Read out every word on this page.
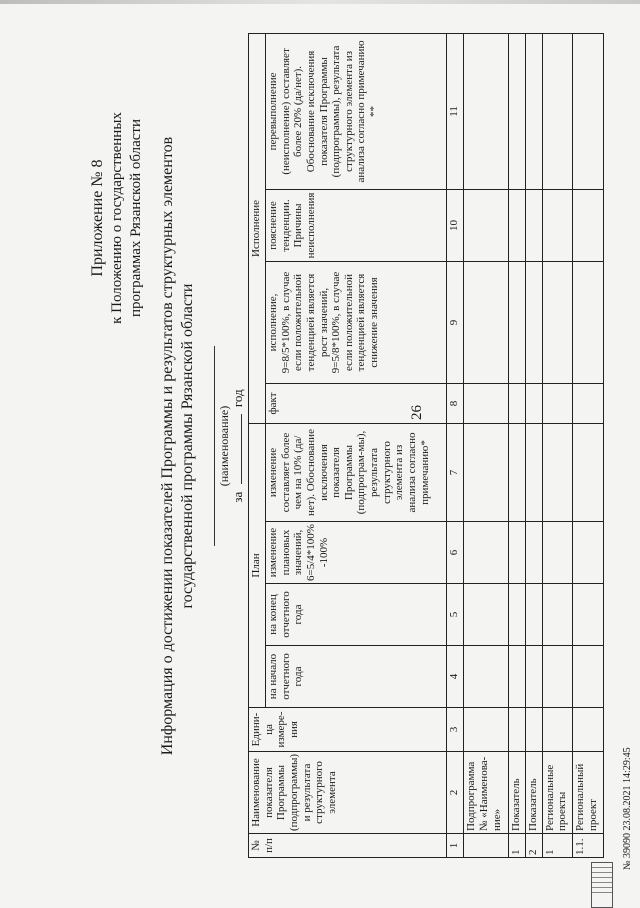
26
Приложение № 8 к Положению о государственных программах Рязанской области Информация о достижении показателей Программы и результатов структурных элементов государственной программы Рязанской области	(наименование)
за  год
№ п/п	Наименование показателя Программы (подпрограммы) и результата структурного элемента	Едини-ца измере-ния	План				Исполнение			
			на начало отчетного года	на конец отчетного года	изменение плановых значений, 6=5/4*100% -100%	изменение составляет более чем на 10% (да/нет). Обоснование исключения показателя Программы (подпрограм-мы), результата структурного элемента из анализа согласно примечанию*	факт	исполнение, 9=8/5*100%, в случае если положительной тенденцией является рост значений, 9=5/8*100%, в случае если положительной тенденцией является снижение значения	пояснение тенденции. Причины неисполнения	перевыполнение (неисполнение) составляет более 20% (да/нет). Обоснование исключения показателя Программы (подпрограммы), результата структурного элемента из анализа согласно примечанию **
1	2	3	4	5	6	7	8	9	10	11
	Подпрограмма № «Наименова-ние»									
1	Показатель									
2	Показатель									
1	Региональные проекты									
1.1.	Региональный проект									№ 39090 23.08.2021 14:29:45
